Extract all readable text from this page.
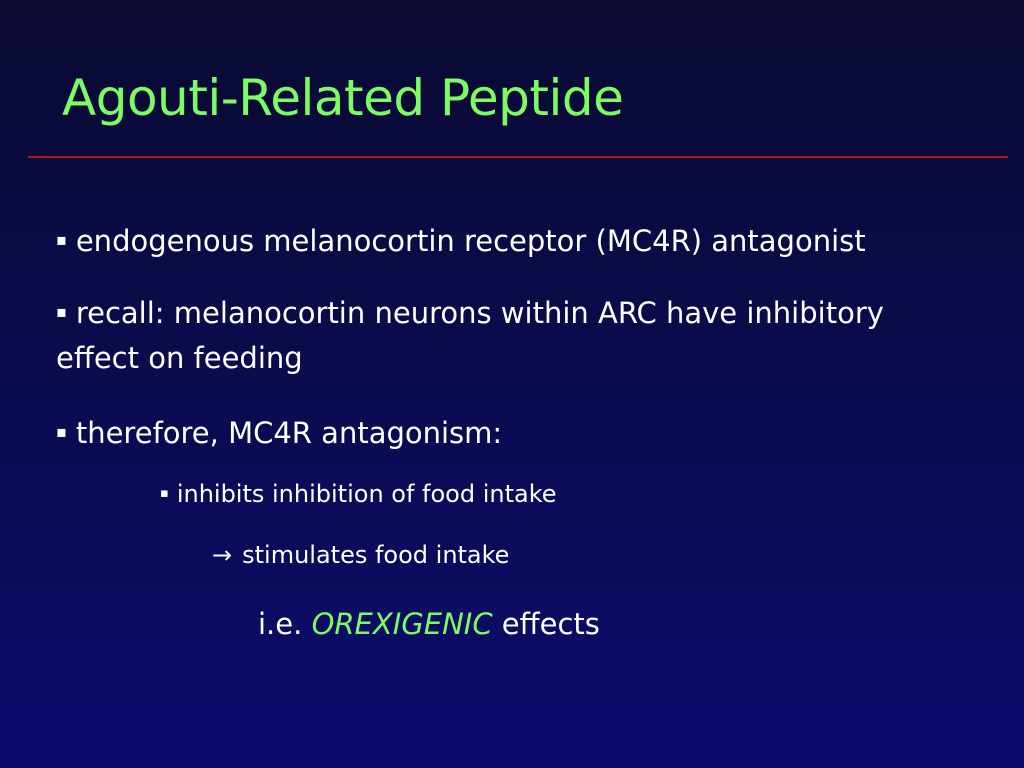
Agouti-Related Peptide
▪ endogenous melanocortin receptor (MC4R) antagonist
▪ recall: melanocortin neurons within ARC have inhibitory
effect on feeding
▪ therefore, MC4R antagonism:
▪ inhibits inhibition of food intake
→ stimulates food intake
i.e. OREXIGENIC effects
